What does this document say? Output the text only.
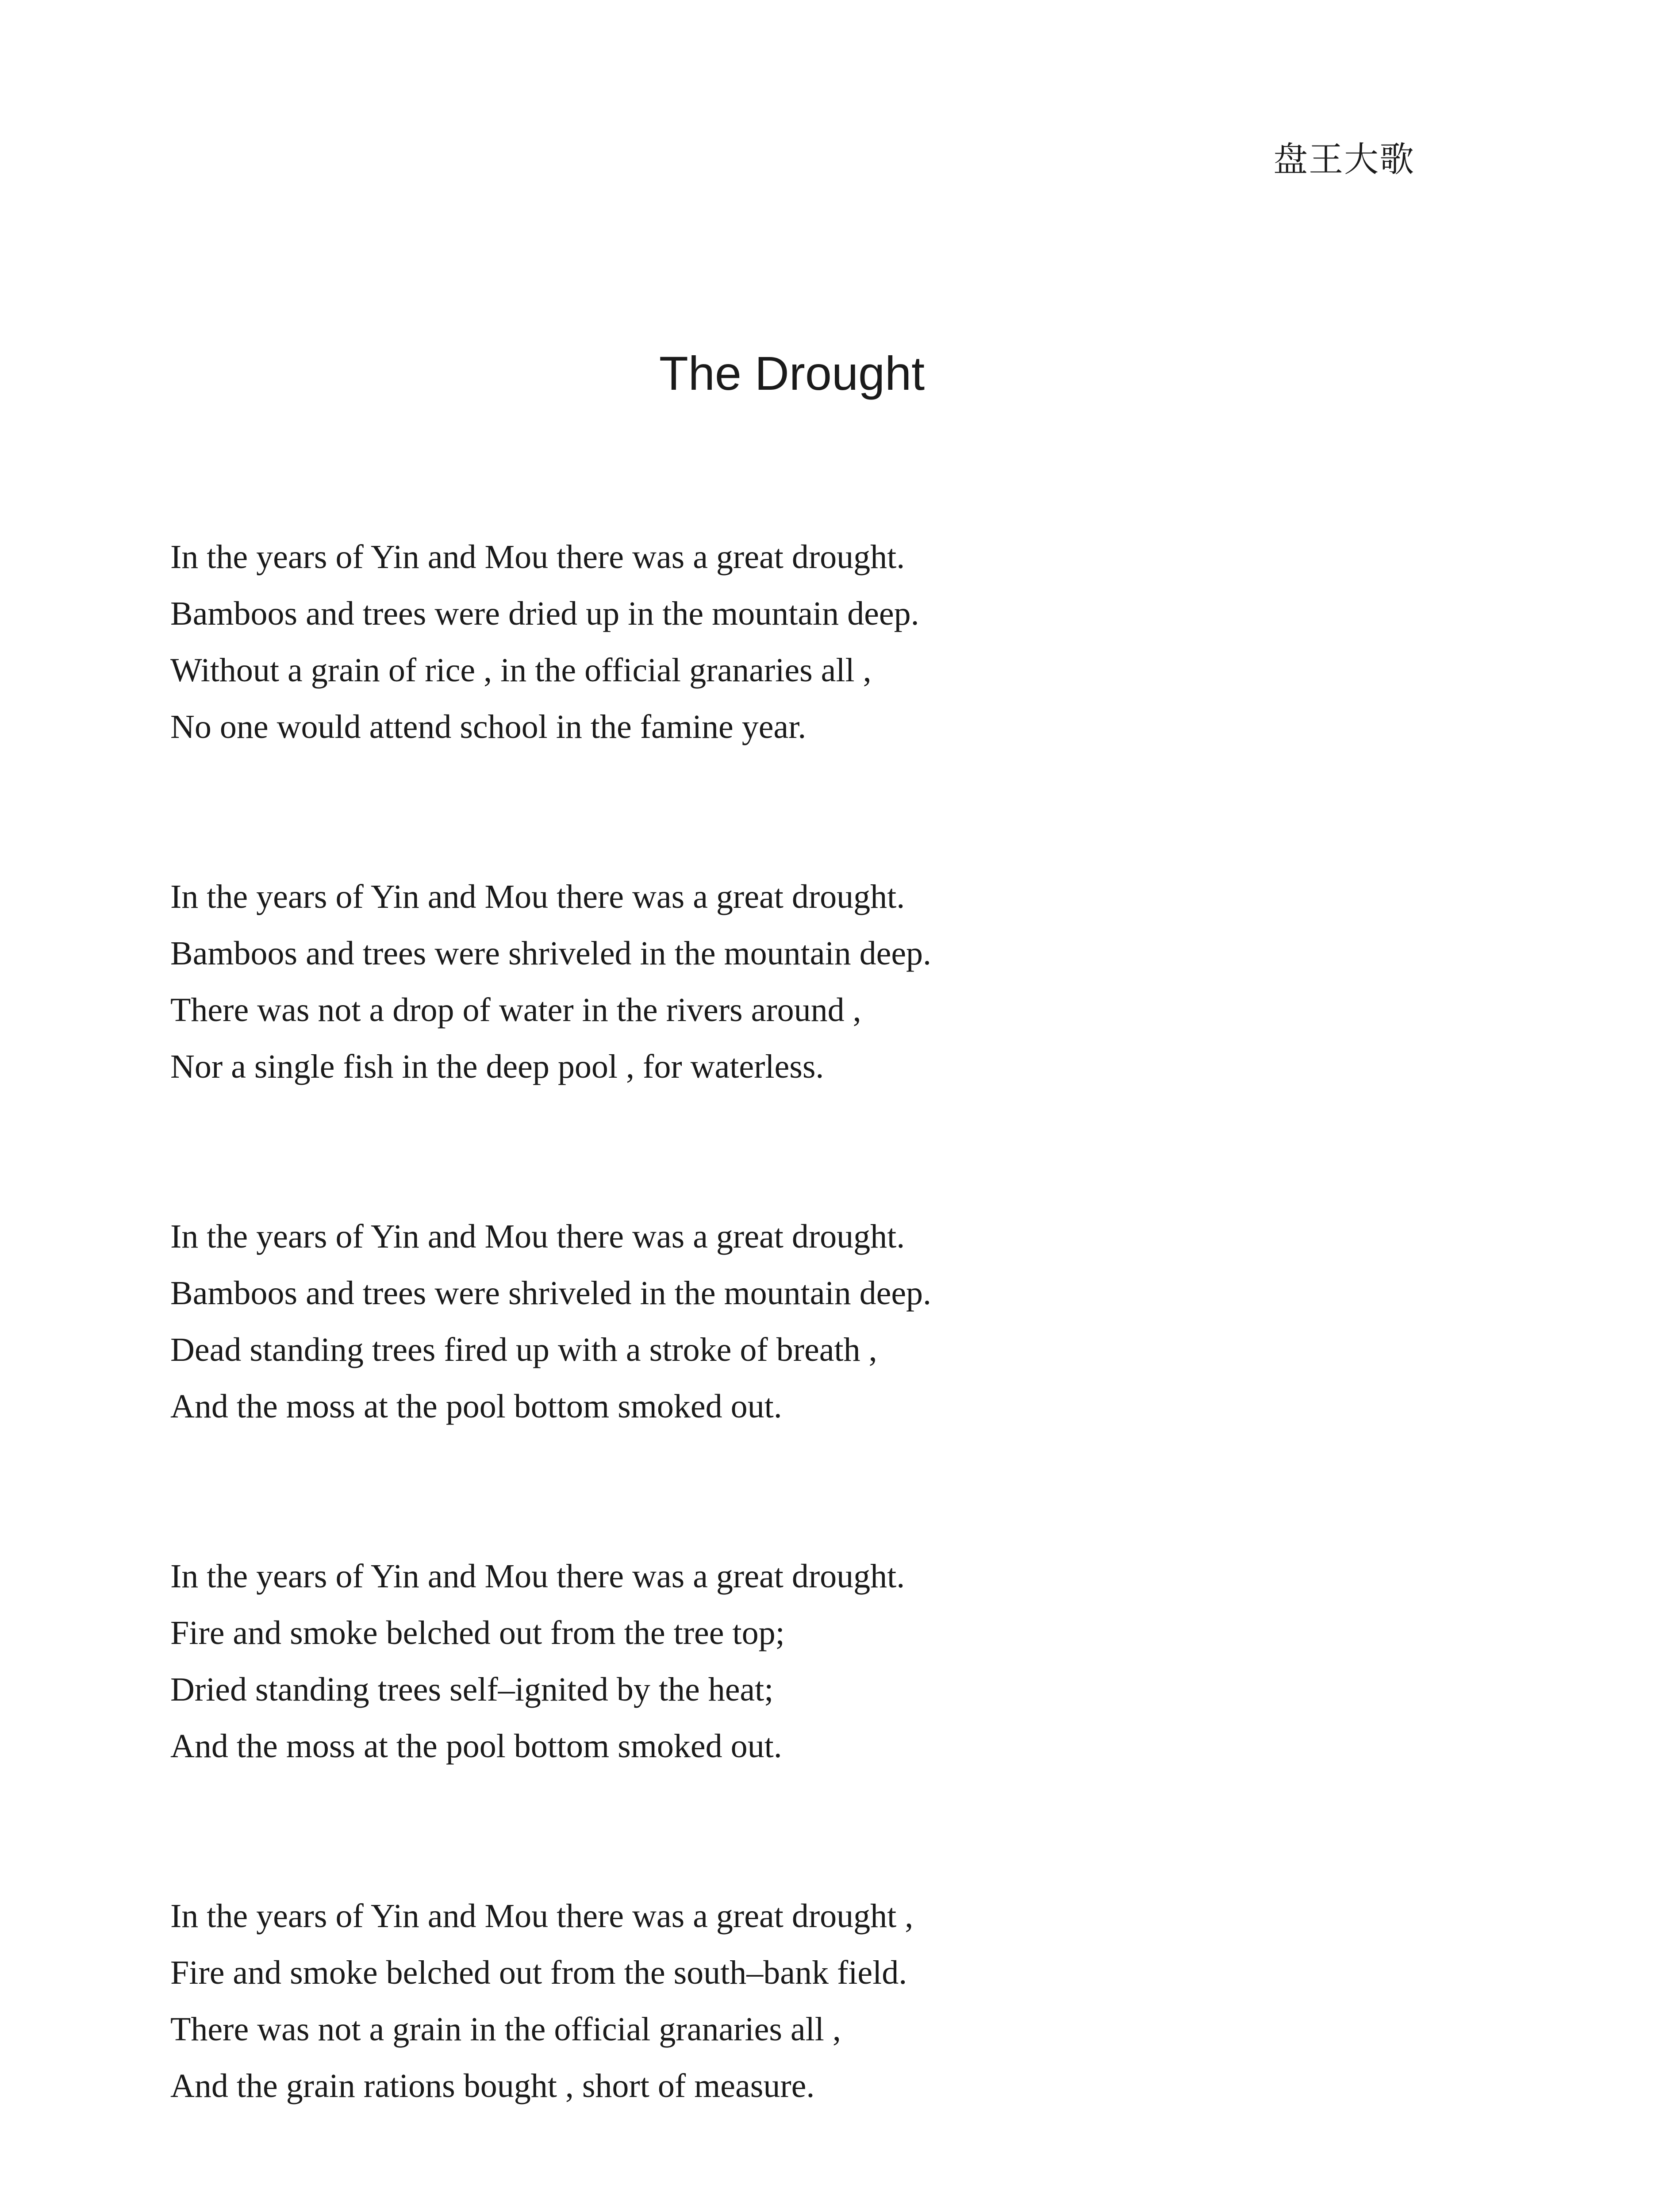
盘王大歌
The Drought
In the years of Yin and Mou there was a great drought.
Bamboos and trees were dried up in the mountain deep.
Without a grain of rice , in the official granaries all ,
No one would attend school in the famine year.
In the years of Yin and Mou there was a great drought.
Bamboos and trees were shriveled in the mountain deep.
There was not a drop of water in the rivers around ,
Nor a single fish in the deep pool , for waterless.
In the years of Yin and Mou there was a great drought.
Bamboos and trees were shriveled in the mountain deep.
Dead standing trees fired up with a stroke of breath ,
And the moss at the pool bottom smoked out.
In the years of Yin and Mou there was a great drought.
Fire and smoke belched out from the tree top;
Dried standing trees self–ignited by the heat;
And the moss at the pool bottom smoked out.
In the years of Yin and Mou there was a great drought ,
Fire and smoke belched out from the south–bank field.
There was not a grain in the official granaries all ,
And the grain rations bought , short of measure.
